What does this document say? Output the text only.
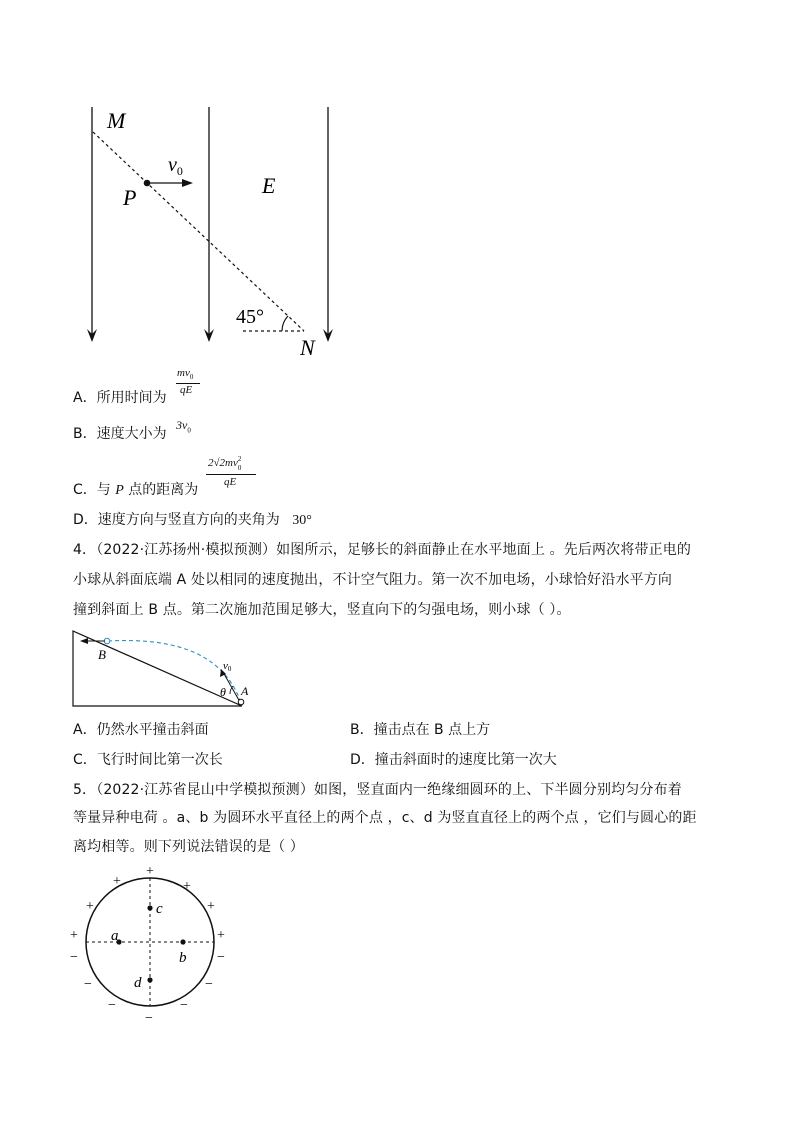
M
P
$v_0$
E
45°
N
A．所用时间为
$mv_0$
qE
B．速度大小为
$3v_0$
C．与 P 点的距离为
2√2mv 2
0
qE
D．速度方向与竖直方向的夹角为 30°
4．（2022·江苏扬州·模拟预测）如图所示，足够长的斜面静止在水平地面上 。先后两次将带正电的
小球从斜面底端 A 处以相同的速度抛出，不计空气阻力。第一次不加电场，小球恰好沿水平方向
撞到斜面上 B 点。第二次施加范围足够大，竖直向下的匀强电场，则小球（ ）。
B
A
θ
v0
A．仍然水平撞击斜面	B．撞击点在 B 点上方
C．飞行时间比第一次长	D．撞击斜面时的速度比第一次大
5．（2022·江苏省昆山中学模拟预测）如图，竖直面内一绝缘细圆环的上、下半圆分别均匀分布着
等量异种电荷 。a、b 为圆环水平直径上的两个点 ，c、d 为竖直直径上的两个点 ，它们与圆心的距
离均相等。则下列说法错误的是（ ）
a
b
c
d
+
+	+
+	+
+	+
−	−
−	−
−	−
−
